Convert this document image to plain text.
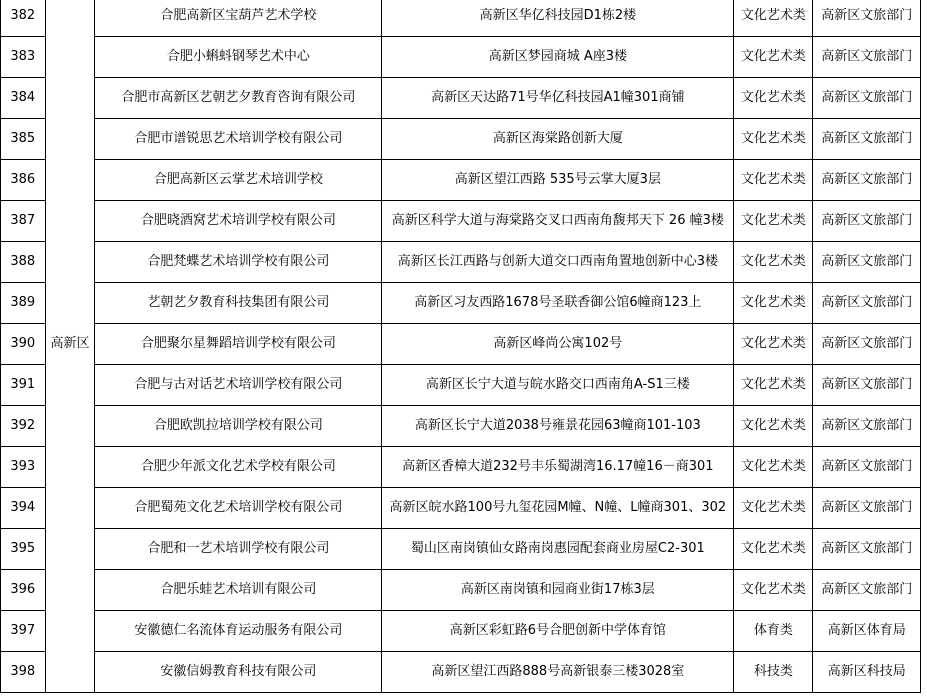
382	高新区	合肥高新区宝葫芦艺术学校	高新区华亿科技园D1栋2楼	文化艺术类	高新区文旅部门
383		合肥小蝌蚪钢琴艺术中心	高新区梦园商城 A座3楼	文化艺术类	高新区文旅部门
384		合肥市高新区艺朝艺夕教育咨询有限公司	高新区天达路71号华亿科技园A1幢301商铺	文化艺术类	高新区文旅部门
385		合肥市谱锐思艺术培训学校有限公司	高新区海棠路创新大厦	文化艺术类	高新区文旅部门
386		合肥高新区云掌艺术培训学校	高新区望江西路 535号云掌大厦3层	文化艺术类	高新区文旅部门
387		合肥晓酒窝艺术培训学校有限公司	高新区科学大道与海棠路交叉口西南角馥邦天下 26 幢3楼	文化艺术类	高新区文旅部门
388		合肥梵蝶艺术培训学校有限公司	高新区长江西路与创新大道交口西南角置地创新中心3楼	文化艺术类	高新区文旅部门
389		艺朝艺夕教育科技集团有限公司	高新区习友西路1678号圣联香御公馆6幢商123上	文化艺术类	高新区文旅部门
390		合肥聚尔星舞蹈培训学校有限公司	高新区峰尚公寓102号	文化艺术类	高新区文旅部门
391		合肥与古对话艺术培训学校有限公司	高新区长宁大道与皖水路交口西南角A-S1三楼	文化艺术类	高新区文旅部门
392		合肥欧凯拉培训学校有限公司	高新区长宁大道2038号雍景花园63幢商101-103	文化艺术类	高新区文旅部门
393		合肥少年派文化艺术学校有限公司	高新区香樟大道232号丰乐蜀湖湾16.17幢16－商301	文化艺术类	高新区文旅部门
394		合肥蜀苑文化艺术培训学校有限公司	高新区皖水路100号九玺花园M幢、N幢、L幢商301、302	文化艺术类	高新区文旅部门
395		合肥和一艺术培训学校有限公司	蜀山区南岗镇仙女路南岗惠园配套商业房屋C2-301	文化艺术类	高新区文旅部门
396		合肥乐蛙艺术培训有限公司	高新区南岗镇和园商业街17栋3层	文化艺术类	高新区文旅部门
397		安徽德仁名流体育运动服务有限公司	高新区彩虹路6号合肥创新中学体育馆	体育类	高新区体育局
398		安徽信姆教育科技有限公司	高新区望江西路888号高新银泰三楼3028室	科技类	高新区科技局
